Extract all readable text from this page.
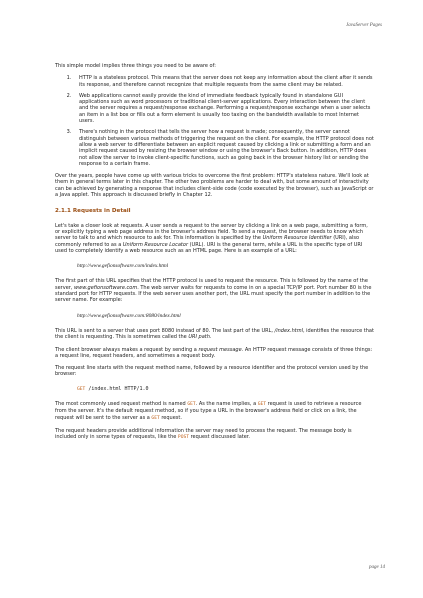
JavaServer Pages

This simple model implies three things you need to be aware of:

1. HTTP is a stateless protocol. This means that the server does not keep any information about the client after it sends its response, and therefore cannot recognize that multiple requests from the same client may be related.
2. Web applications cannot easily provide the kind of immediate feedback typically found in standalone GUI applications such as word processors or traditional client-server applications. Every interaction between the client and the server requires a request/response exchange. Performing a request/response exchange when a user selects an item in a list box or fills out a form element is usually too taxing on the bandwidth available to most Internet users.
3. There's nothing in the protocol that tells the server how a request is made; consequently, the server cannot distinguish between various methods of triggering the request on the client. For example, the HTTP protocol does not allow a web server to differentiate between an explicit request caused by clicking a link or submitting a form and an implicit request caused by resizing the browser window or using the browser's Back button. In addition, HTTP does not allow the server to invoke client-specific functions, such as going back in the browser history list or sending the response to a certain frame.

Over the years, people have come up with various tricks to overcome the first problem: HTTP's stateless nature. We'll look at them in general terms later in this chapter. The other two problems are harder to deal with, but some amount of interactivity can be achieved by generating a response that includes client-side code (code executed by the browser), such as JavaScript or a Java applet. This approach is discussed briefly in Chapter 12.

2.1.1 Requests in Detail

Let's take a closer look at requests. A user sends a request to the server by clicking a link on a web page, submitting a form, or explicitly typing a web page address in the browser's address field. To send a request, the browser needs to know which server to talk to and which resource to ask for. This information is specified by the Uniform Resource Identifier (URI), also commonly referred to as a Uniform Resource Locator (URL). URI is the general term, while a URL is the specific type of URI used to completely identify a web resource such as an HTML page. Here is an example of a URL:

http://www.gefionsoftware.com/index.html

The first part of this URL specifies that the HTTP protocol is used to request the resource. This is followed by the name of the server, www.gefionsoftware.com. The web server waits for requests to come in on a special TCP/IP port. Port number 80 is the standard port for HTTP requests. If the web server uses another port, the URL must specify the port number in addition to the server name. For example:

http://www.gefionsoftware.com:8080/index.html

This URL is sent to a server that uses port 8080 instead of 80. The last part of the URL, /index.html, identifies the resource that the client is requesting. This is sometimes called the URI path.

The client browser always makes a request by sending a request message. An HTTP request message consists of three things: a request line, request headers, and sometimes a request body.

The request line starts with the request method name, followed by a resource identifier and the protocol version used by the browser:

GET /index.html HTTP/1.0

The most commonly used request method is named GET. As the name implies, a GET request is used to retrieve a resource from the server. It's the default request method, so if you type a URL in the browser's address field or click on a link, the request will be sent to the server as a GET request.

The request headers provide additional information the server may need to process the request. The message body is included only in some types of requests, like the POST request discussed later.

page 14
